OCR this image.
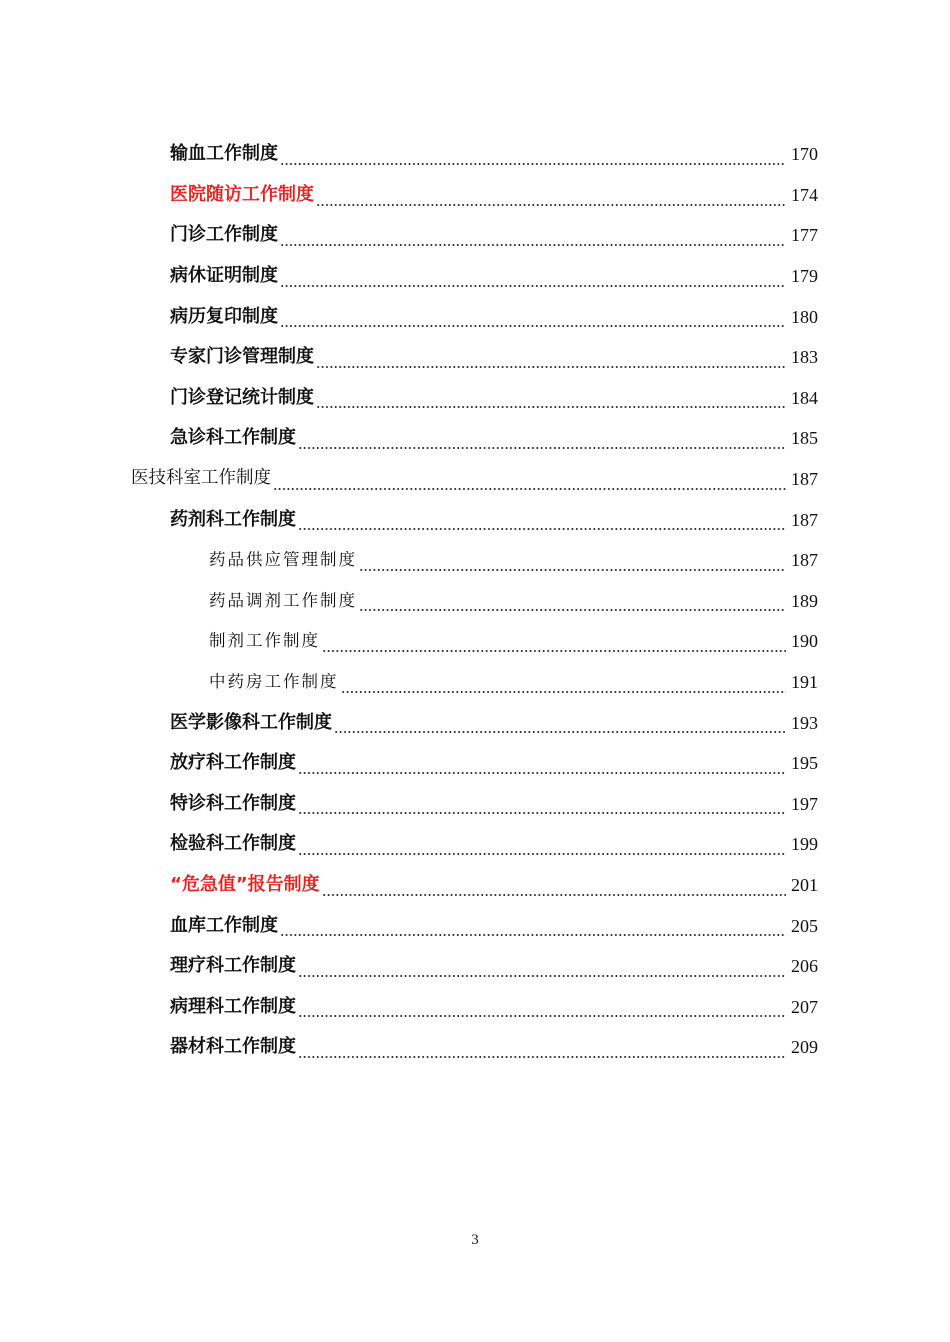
输血工作制度	170
医院随访工作制度	174
门诊工作制度	177
病休证明制度	179
病历复印制度	180
专家门诊管理制度	183
门诊登记统计制度	184
急诊科工作制度	185
医技科室工作制度	187
药剂科工作制度	187
药品供应管理制度	187
药品调剂工作制度	189
制剂工作制度	190
中药房工作制度	191
医学影像科工作制度	193
放疗科工作制度	195
特诊科工作制度	197
检验科工作制度	199
“危急值”报告制度	201
血库工作制度	205
理疗科工作制度	206
病理科工作制度	207
器材科工作制度	209
3
